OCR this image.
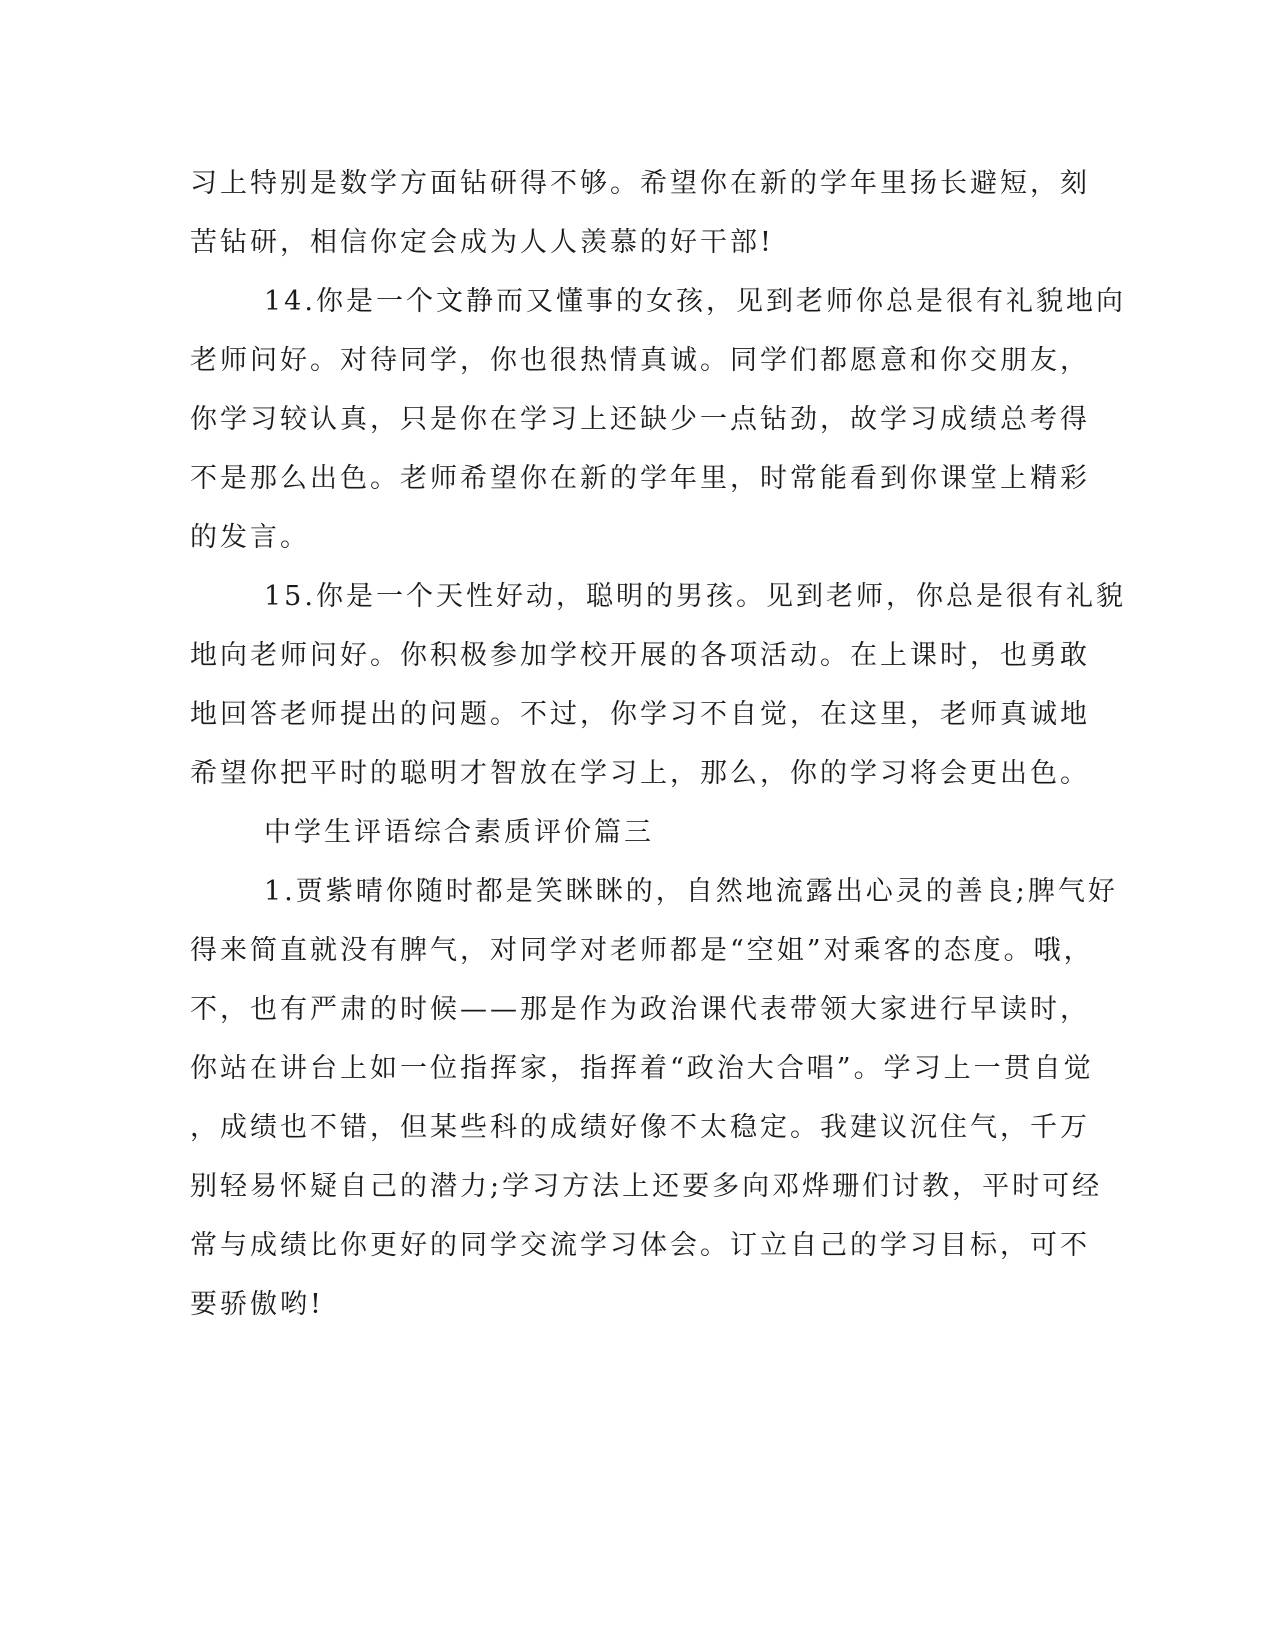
习上特别是数学方面钻研得不够。希望你在新的学年里扬长避短，刻
苦钻研，相信你定会成为人人羡慕的好干部!
14.你是一个文静而又懂事的女孩，见到老师你总是很有礼貌地向
老师问好。对待同学，你也很热情真诚。同学们都愿意和你交朋友，
你学习较认真，只是你在学习上还缺少一点钻劲，故学习成绩总考得
不是那么出色。老师希望你在新的学年里，时常能看到你课堂上精彩
的发言。
15.你是一个天性好动，聪明的男孩。见到老师，你总是很有礼貌
地向老师问好。你积极参加学校开展的各项活动。在上课时，也勇敢
地回答老师提出的问题。不过，你学习不自觉，在这里，老师真诚地
希望你把平时的聪明才智放在学习上，那么，你的学习将会更出色。
中学生评语综合素质评价篇三
1.贾紫晴你随时都是笑眯眯的，自然地流露出心灵的善良;脾气好
得来简直就没有脾气，对同学对老师都是“空姐”对乘客的态度。哦，
不，也有严肃的时候——那是作为政治课代表带领大家进行早读时，
你站在讲台上如一位指挥家，指挥着“政治大合唱”。学习上一贯自觉
，成绩也不错，但某些科的成绩好像不太稳定。我建议沉住气，千万
别轻易怀疑自己的潜力;学习方法上还要多向邓烨珊们讨教，平时可经
常与成绩比你更好的同学交流学习体会。订立自己的学习目标，可不
要骄傲哟!
